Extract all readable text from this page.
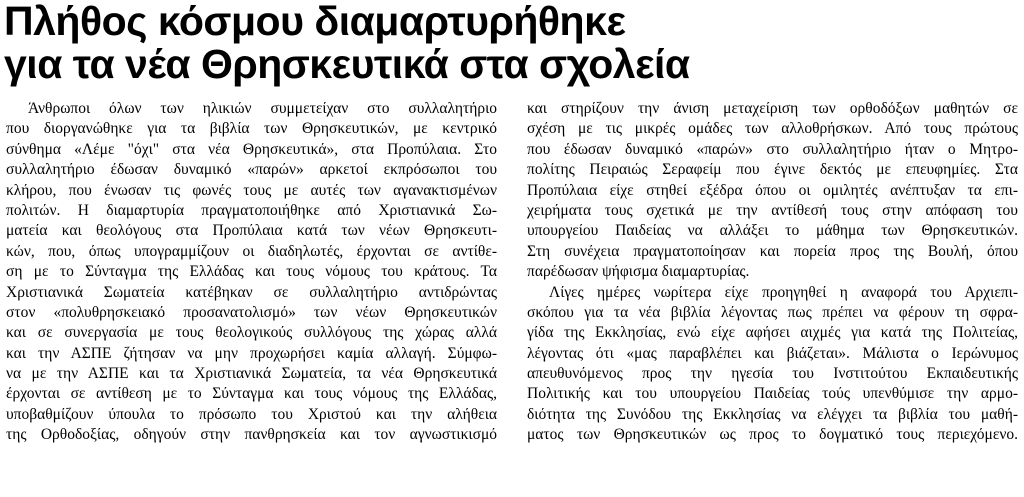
Πλήθος κόσμου διαμαρτυρήθηκε
για τα νέα Θρησκευτικά στα σχολεία
Άνθρωποι όλων των ηλικιών συμμετείχαν στο συλλαλητήριο
που διοργανώθηκε για τα βιβλία των Θρησκευτικών, με κεντρικό
σύνθημα «Λέμε "όχι" στα νέα Θρησκευτικά», στα Προπύλαια. Στο
συλλαλητήριο έδωσαν δυναμικό «παρών» αρκετοί εκπρόσωποι του
κλήρου, που ένωσαν τις φωνές τους με αυτές των αγανακτισμένων
πολιτών. Η διαμαρτυρία πραγματοποιήθηκε από Χριστιανικά Σω-
ματεία και θεολόγους στα Προπύλαια κατά των νέων Θρησκευτι-
κών, που, όπως υπογραμμίζουν οι διαδηλωτές, έρχονται σε αντίθε-
ση με το Σύνταγμα της Ελλάδας και τους νόμους του κράτους. Τα
Χριστιανικά Σωματεία κατέβηκαν σε συλλαλητήριο αντιδρώντας
στον «πολυθρησκειακό προσανατολισμό» των νέων Θρησκευτικών
και σε συνεργασία με τους θεολογικούς συλλόγους της χώρας αλλά
και την ΑΣΠΕ ζήτησαν να μην προχωρήσει καμία αλλαγή. Σύμφω-
να με την ΑΣΠΕ και τα Χριστιανικά Σωματεία, τα νέα Θρησκευτικά
έρχονται σε αντίθεση με το Σύνταγμα και τους νόμους της Ελλάδας,
υποβαθμίζουν ύπουλα το πρόσωπο του Χριστού και την αλήθεια
της Ορθοδοξίας, οδηγούν στην πανθρησκεία και τον αγνωστικισμό
και στηρίζουν την άνιση μεταχείριση των ορθοδόξων μαθητών σε
σχέση με τις μικρές ομάδες των αλλοθρήσκων. Από τους πρώτους
που έδωσαν δυναμικό «παρών» στο συλλαλητήριο ήταν ο Μητρο-
πολίτης Πειραιώς Σεραφείμ που έγινε δεκτός με επευφημίες. Στα
Προπύλαια είχε στηθεί εξέδρα όπου οι ομιλητές ανέπτυξαν τα επι-
χειρήματα τους σχετικά με την αντίθεσή τους στην απόφαση του
υπουργείου Παιδείας να αλλάξει το μάθημα των Θρησκευτικών.
Στη συνέχεια πραγματοποίησαν και πορεία προς της Βουλή, όπου
παρέδωσαν ψήφισμα διαμαρτυρίας.
Λίγες ημέρες νωρίτερα είχε προηγηθεί η αναφορά του Αρχιεπι-
σκόπου για τα νέα βιβλία λέγοντας πως πρέπει να φέρουν τη σφρα-
γίδα της Εκκλησίας, ενώ είχε αφήσει αιχμές για κατά της Πολιτείας,
λέγοντας ότι «μας παραβλέπει και βιάζεται». Μάλιστα ο Ιερώνυμος
απευθυνόμενος προς την ηγεσία του Ινστιτούτου Εκπαιδευτικής
Πολιτικής και του υπουργείου Παιδείας τούς υπενθύμισε την αρμο-
διότητα της Συνόδου της Εκκλησίας να ελέγχει τα βιβλία του μαθή-
ματος των Θρησκευτικών ως προς το δογματικό τους περιεχόμενο.
